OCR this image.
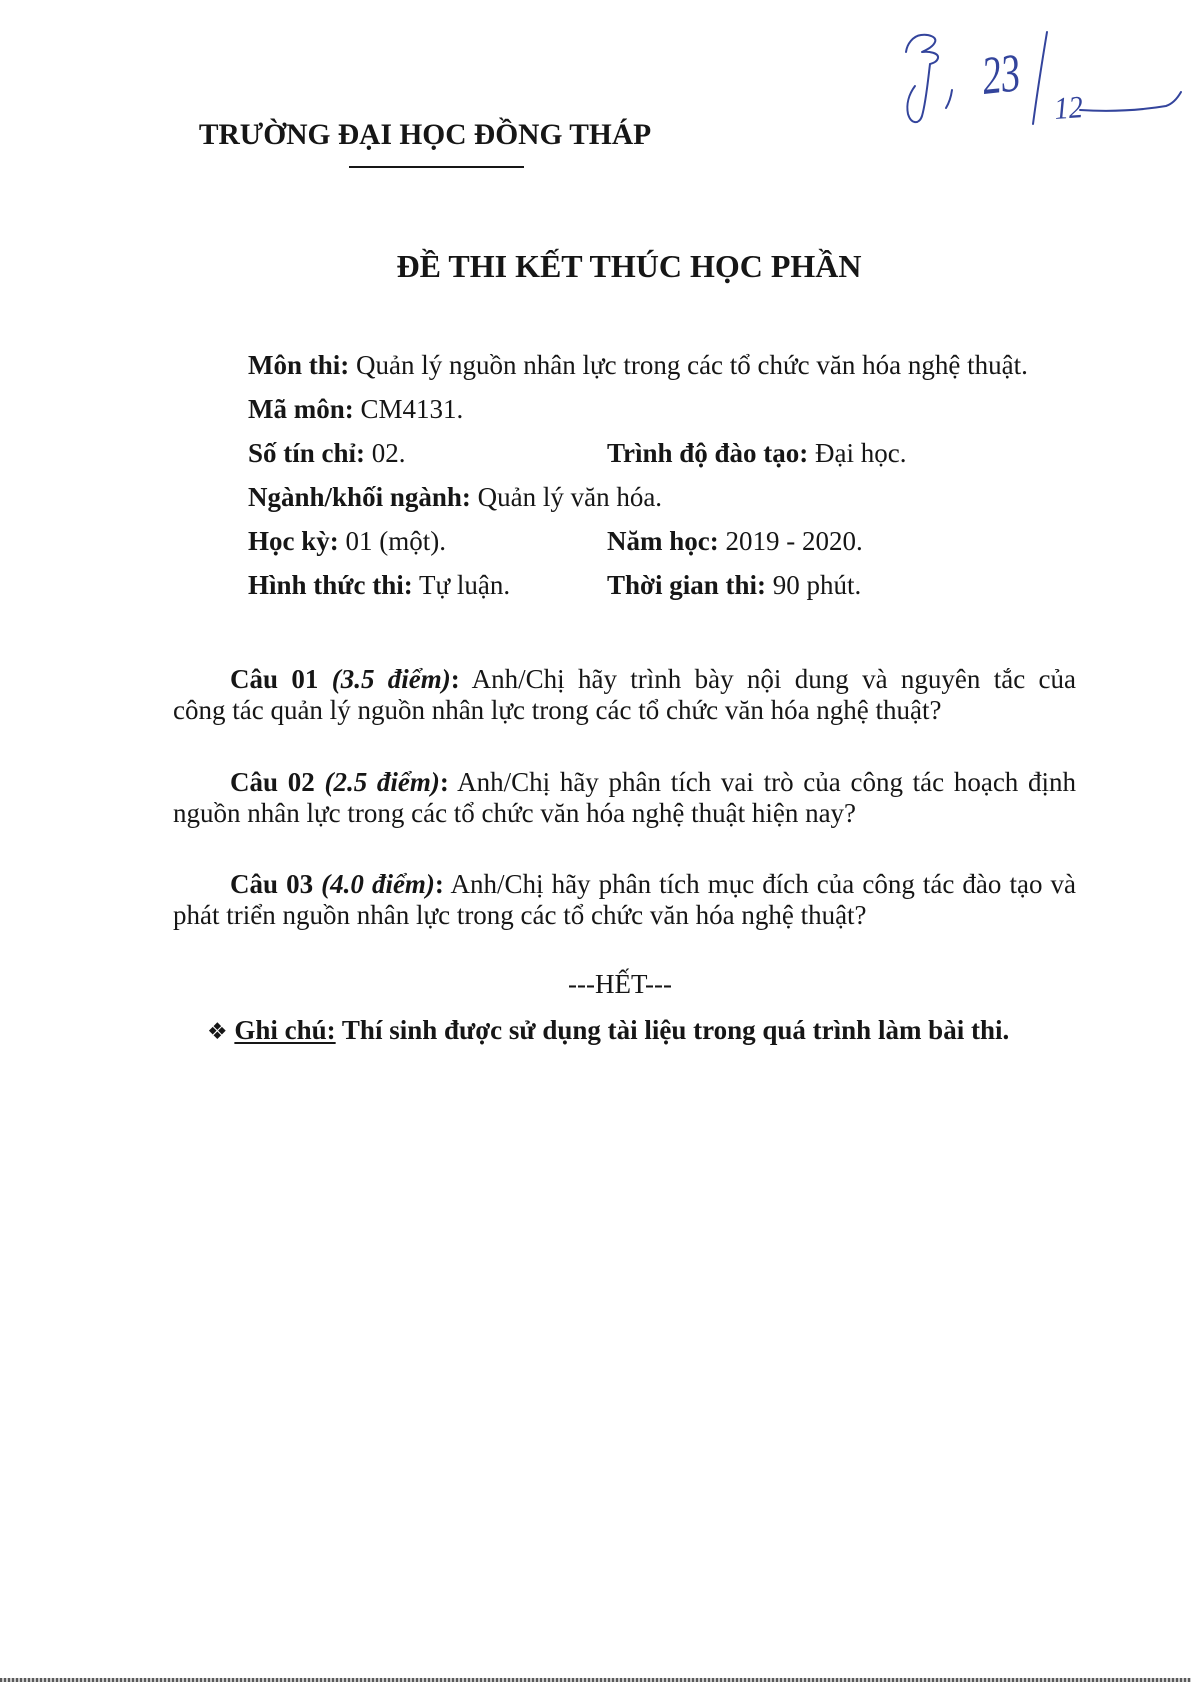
23
12
TRƯỜNG ĐẠI HỌC ĐỒNG THÁP
ĐỀ THI KẾT THÚC HỌC PHẦN
Môn thi: Quản lý nguồn nhân lực trong các tổ chức văn hóa nghệ thuật.
Mã môn: CM4131.
Số tín chỉ: 02.	Trình độ đào tạo: Đại học.
Ngành/khối ngành: Quản lý văn hóa.
Học kỳ: 01 (một).	Năm học: 2019 - 2020.
Hình thức thi: Tự luận.	Thời gian thi: 90 phút.
Câu 01 (3.5 điểm): Anh/Chị hãy trình bày nội dung và nguyên tắc của
công tác quản lý nguồn nhân lực trong các tổ chức văn hóa nghệ thuật?
Câu 02 (2.5 điểm): Anh/Chị hãy phân tích vai trò của công tác hoạch định
nguồn nhân lực trong các tổ chức văn hóa nghệ thuật hiện nay?
Câu 03 (4.0 điểm): Anh/Chị hãy phân tích mục đích của công tác đào tạo và
phát triển nguồn nhân lực trong các tổ chức văn hóa nghệ thuật?
---HẾT---
❖ Ghi chú: Thí sinh được sử dụng tài liệu trong quá trình làm bài thi.
